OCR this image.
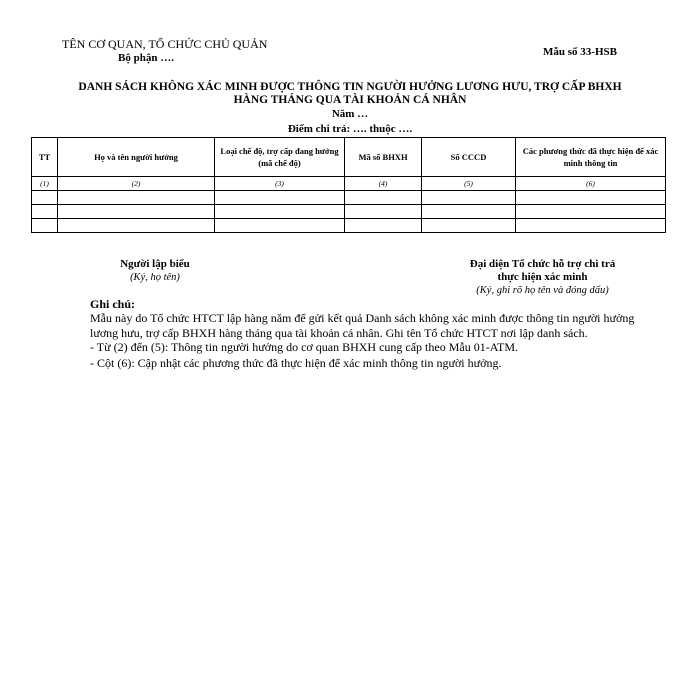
TÊN CƠ QUAN, TỔ CHỨC CHỦ QUẢN
Bộ phận ….	Mẫu số 33-HSB
DANH SÁCH KHÔNG XÁC MINH ĐƯỢC THÔNG TIN NGƯỜI HƯỞNG LƯƠNG HƯU, TRỢ CẤP BHXH
HÀNG THÁNG QUA TÀI KHOẢN CÁ NHÂN
Năm …
Điểm chi trả: …. thuộc ….
TT	Họ và tên người hưởng	Loại chế độ, trợ cấp đang hưởng (mã chế độ)	Mã số BHXH	Số CCCD	Các phương thức đã thực hiện để xác minh thông tin
(1)	(2)	(3)	(4)	(5)	(6)

Người lập biểu
(Ký, họ tên)
Đại diện Tổ chức hỗ trợ chi trả
thực hiện xác minh
(Ký, ghi rõ họ tên và đóng dấu)
Ghi chú:
Mẫu này do Tổ chức HTCT lập hàng năm để gửi kết quả Danh sách không xác minh được thông tin người hưởng lương hưu, trợ cấp BHXH hàng tháng qua tài khoản cá nhân. Ghi tên Tổ chức HTCT nơi lập danh sách.
- Từ (2) đến (5): Thông tin người hưởng do cơ quan BHXH cung cấp theo Mẫu 01-ATM.
- Cột (6): Cập nhật các phương thức đã thực hiện để xác minh thông tin người hưởng.
